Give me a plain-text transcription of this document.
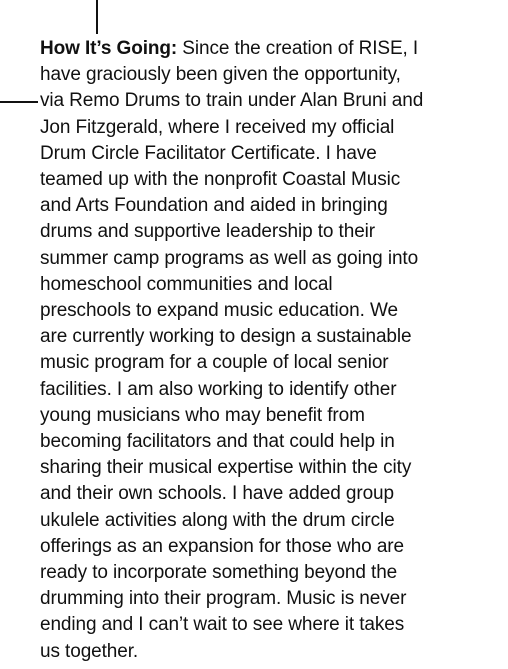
How It’s Going: Since the creation of RISE, I
have graciously been given the opportunity,
via Remo Drums to train under Alan Bruni and
Jon Fitzgerald, where I received my official
Drum Circle Facilitator Certificate. I have
teamed up with the nonprofit Coastal Music
and Arts Foundation and aided in bringing
drums and supportive leadership to their
summer camp programs as well as going into
homeschool communities and local
preschools to expand music education. We
are currently working to design a sustainable
music program for a couple of local senior
facilities. I am also working to identify other
young musicians who may benefit from
becoming facilitators and that could help in
sharing their musical expertise within the city
and their own schools. I have added group
ukulele activities along with the drum circle
offerings as an expansion for those who are
ready to incorporate something beyond the
drumming into their program. Music is never
ending and I can’t wait to see where it takes
us together.
